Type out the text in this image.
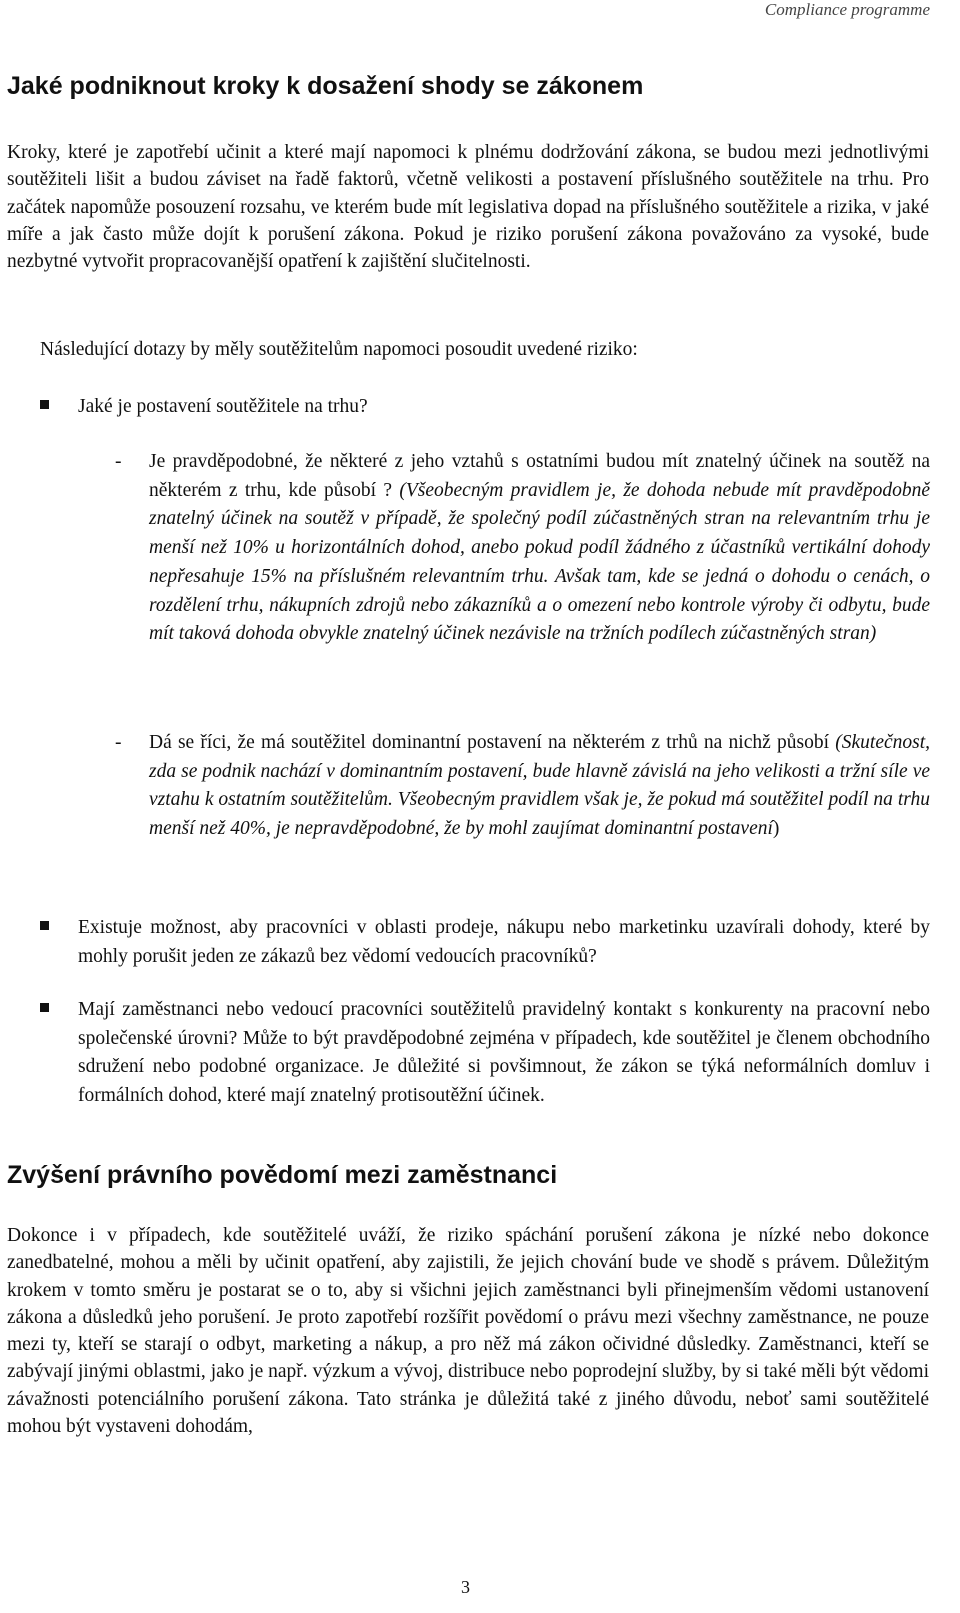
Compliance programme
Jaké podniknout kroky k dosažení shody se zákonem

Kroky, které je zapotřebí učinit a které mají napomoci k plnému dodržování zákona, se budou mezi jednotlivými soutěžiteli lišit a budou záviset na řadě faktorů, včetně velikosti a postavení příslušného soutěžitele na trhu. Pro začátek napomůže posouzení rozsahu, ve kterém bude mít legislativa dopad na příslušného soutěžitele a rizika, v jaké míře a jak často může dojít k porušení zákona. Pokud je riziko porušení zákona považováno za vysoké, bude nezbytné vytvořit propracovanější opatření k zajištění slučitelnosti.

Následující dotazy by měly soutěžitelům napomoci posoudit uvedené riziko:

Jaké je postavení soutěžitele na trhu?

- Je pravděpodobné, že některé z jeho vztahů s ostatními budou mít znatelný účinek na soutěž na některém z trhu, kde působí ? (Všeobecným pravidlem je, že dohoda nebude mít pravděpodobně znatelný účinek na soutěž v případě, že společný podíl zúčastněných stran na relevantním trhu je menší než 10% u horizontálních dohod, anebo pokud podíl žádného z účastníků vertikální dohody nepřesahuje 15% na příslušném relevantním trhu. Avšak tam, kde se jedná o dohodu o cenách, o rozdělení trhu, nákupních zdrojů nebo zákazníků a o omezení nebo kontrole výroby či odbytu, bude mít taková dohoda obvykle znatelný účinek nezávisle na tržních podílech zúčastněných stran)

- Dá se říci, že má soutěžitel dominantní postavení na některém z trhů na nichž působí (Skutečnost, zda se podnik nachází v dominantním postavení, bude hlavně závislá na jeho velikosti a tržní síle ve vztahu k ostatním soutěžitelům. Všeobecným pravidlem však je, že pokud má soutěžitel podíl na trhu menší než 40%, je nepravděpodobné, že by mohl zaujímat dominantní postavení)

Existuje možnost, aby pracovníci v oblasti prodeje, nákupu nebo marketinku uzavírali dohody, které by mohly porušit jeden ze zákazů bez vědomí vedoucích pracovníků?

Mají zaměstnanci nebo vedoucí pracovníci soutěžitelů pravidelný kontakt s konkurenty na pracovní nebo společenské úrovni? Může to být pravděpodobné zejména v případech, kde soutěžitel je členem obchodního sdružení nebo podobné organizace. Je důležité si povšimnout, že zákon se týká neformálních domluv i formálních dohod, které mají znatelný protisoutěžní účinek.

Zvýšení právního povědomí mezi zaměstnanci

Dokonce i v případech, kde soutěžitelé uváží, že riziko spáchání porušení zákona je nízké nebo dokonce zanedbatelné, mohou a měli by učinit opatření, aby zajistili, že jejich chování bude ve shodě s právem. Důležitým krokem v tomto směru je postarat se o to, aby si všichni jejich zaměstnanci byli přinejmenším vědomi ustanovení zákona a důsledků jeho porušení. Je proto zapotřebí rozšířit povědomí o právu mezi všechny zaměstnance, ne pouze mezi ty, kteří se starají o odbyt, marketing a nákup, a pro něž má zákon očividné důsledky. Zaměstnanci, kteří se zabývají jinými oblastmi, jako je např. výzkum a vývoj, distribuce nebo poprodejní služby, by si také měli být vědomi závažnosti potenciálního porušení zákona. Tato stránka je důležitá také z jiného důvodu, neboť sami soutěžitelé mohou být vystaveni dohodám,

3
